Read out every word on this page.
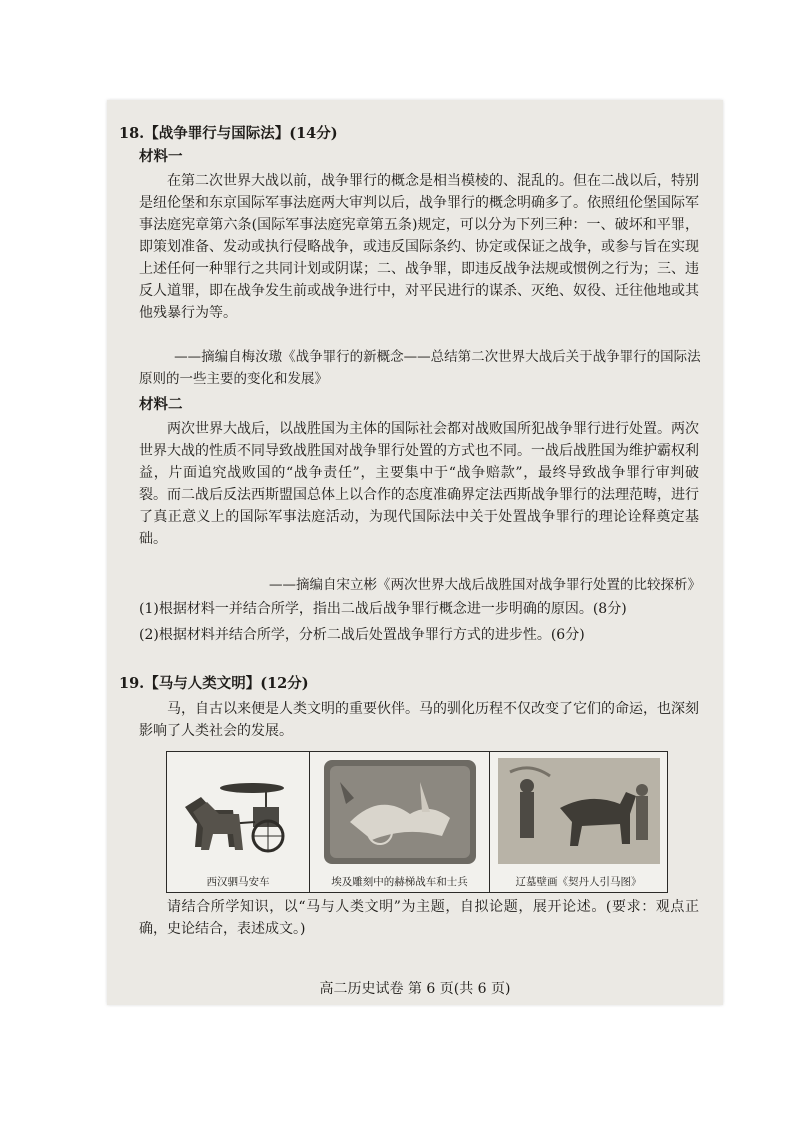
18.【战争罪行与国际法】(14分)
材料一

在第二次世界大战以前，战争罪行的概念是相当模棱的、混乱的。但在二战以后，特别是纽伦堡和东京国际军事法庭两大审判以后，战争罪行的概念明确多了。依照纽伦堡国际军事法庭宪章第六条(国际军事法庭宪章第五条)规定，可以分为下列三种：一、破坏和平罪，即策划准备、发动或执行侵略战争，或违反国际条约、协定或保证之战争，或参与旨在实现上述任何一种罪行之共同计划或阴谋；二、战争罪，即违反战争法规或惯例之行为；三、违反人道罪，即在战争发生前或战争进行中，对平民进行的谋杀、灭绝、奴役、迁往他地或其他残暴行为等。

——摘编自梅汝璈《战争罪行的新概念——总结第二次世界大战后关于战争罪行的国际法原则的一些主要的变化和发展》

材料二

两次世界大战后，以战胜国为主体的国际社会都对战败国所犯战争罪行进行处置。两次世界大战的性质不同导致战胜国对战争罪行处置的方式也不同。一战后战胜国为维护霸权利益，片面追究战败国的“战争责任”，主要集中于“战争赔款”，最终导致战争罪行审判破裂。而二战后反法西斯盟国总体上以合作的态度准确界定法西斯战争罪行的法理范畴，进行了真正意义上的国际军事法庭活动，为现代国际法中关于处置战争罪行的理论诠释奠定基础。

——摘编自宋立彬《两次世界大战后战胜国对战争罪行处置的比较探析》

(1)根据材料一并结合所学，指出二战后战争罪行概念进一步明确的原因。(8分)

(2)根据材料并结合所学，分析二战后处置战争罪行方式的进步性。(6分)

19.【马与人类文明】(12分)

马，自古以来便是人类文明的重要伙伴。马的驯化历程不仅改变了它们的命运，也深刻影响了人类社会的发展。

西汉驷马安车	埃及雕刻中的赫梯战车和士兵	辽墓壁画《契丹人引马图》

请结合所学知识，以“马与人类文明”为主题，自拟论题，展开论述。(要求：观点正确，史论结合，表述成文。)

高二历史试卷 第 6 页(共 6 页)
